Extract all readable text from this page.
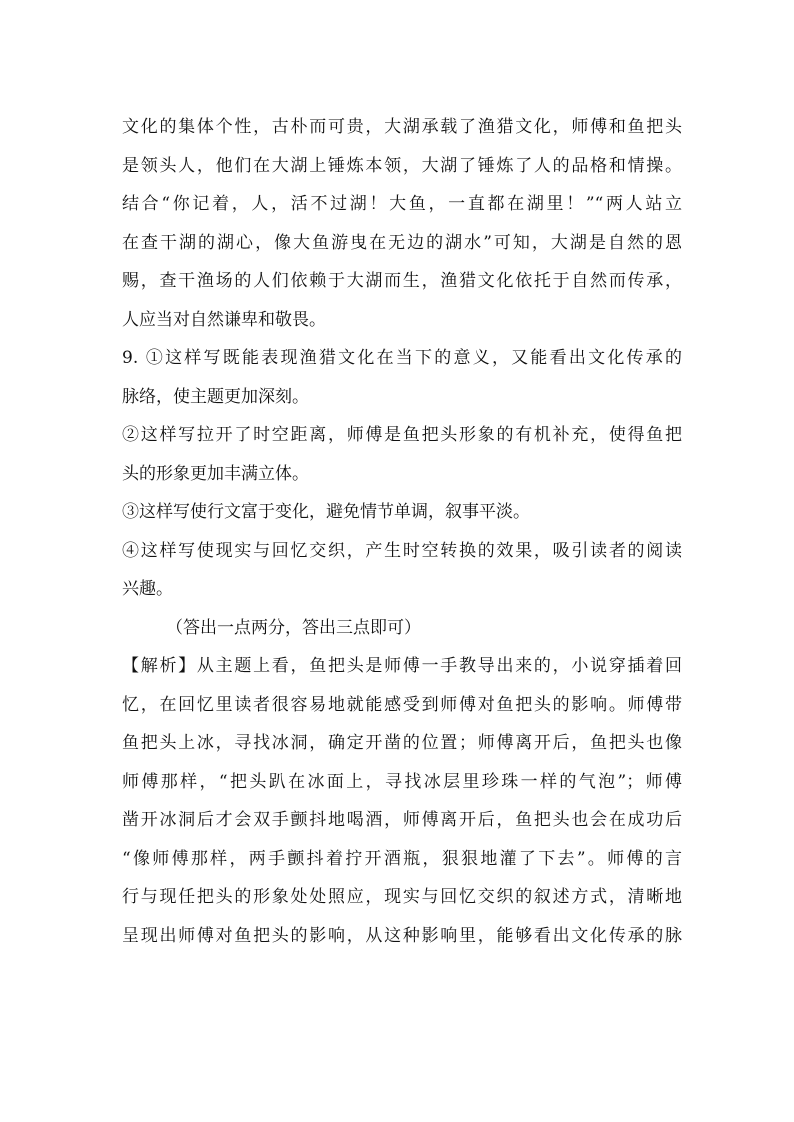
文化的集体个性，古朴而可贵，大湖承载了渔猎文化，师傅和鱼把头
是领头人，他们在大湖上锤炼本领，大湖了锤炼了人的品格和情操。
结合“你记着，人，活不过湖！大鱼，一直都在湖里！”“两人站立
在查干湖的湖心，像大鱼游曳在无边的湖水”可知，大湖是自然的恩
赐，查干渔场的人们依赖于大湖而生，渔猎文化依托于自然而传承，
人应当对自然谦卑和敬畏。
9. ①这样写既能表现渔猎文化在当下的意义，又能看出文化传承的
脉络，使主题更加深刻。
②这样写拉开了时空距离，师傅是鱼把头形象的有机补充，使得鱼把
头的形象更加丰满立体。
③这样写使行文富于变化，避免情节单调，叙事平淡。
④这样写使现实与回忆交织，产生时空转换的效果，吸引读者的阅读
兴趣。
（答出一点两分，答出三点即可）
【解析】从主题上看，鱼把头是师傅一手教导出来的，小说穿插着回
忆，在回忆里读者很容易地就能感受到师傅对鱼把头的影响。师傅带
鱼把头上冰，寻找冰洞，确定开凿的位置；师傅离开后，鱼把头也像
师傅那样，“把头趴在冰面上，寻找冰层里珍珠一样的气泡”；师傅
凿开冰洞后才会双手颤抖地喝酒，师傅离开后，鱼把头也会在成功后
“像师傅那样，两手颤抖着拧开酒瓶，狠狠地灌了下去”。师傅的言
行与现任把头的形象处处照应，现实与回忆交织的叙述方式，清晰地
呈现出师傅对鱼把头的影响，从这种影响里，能够看出文化传承的脉
